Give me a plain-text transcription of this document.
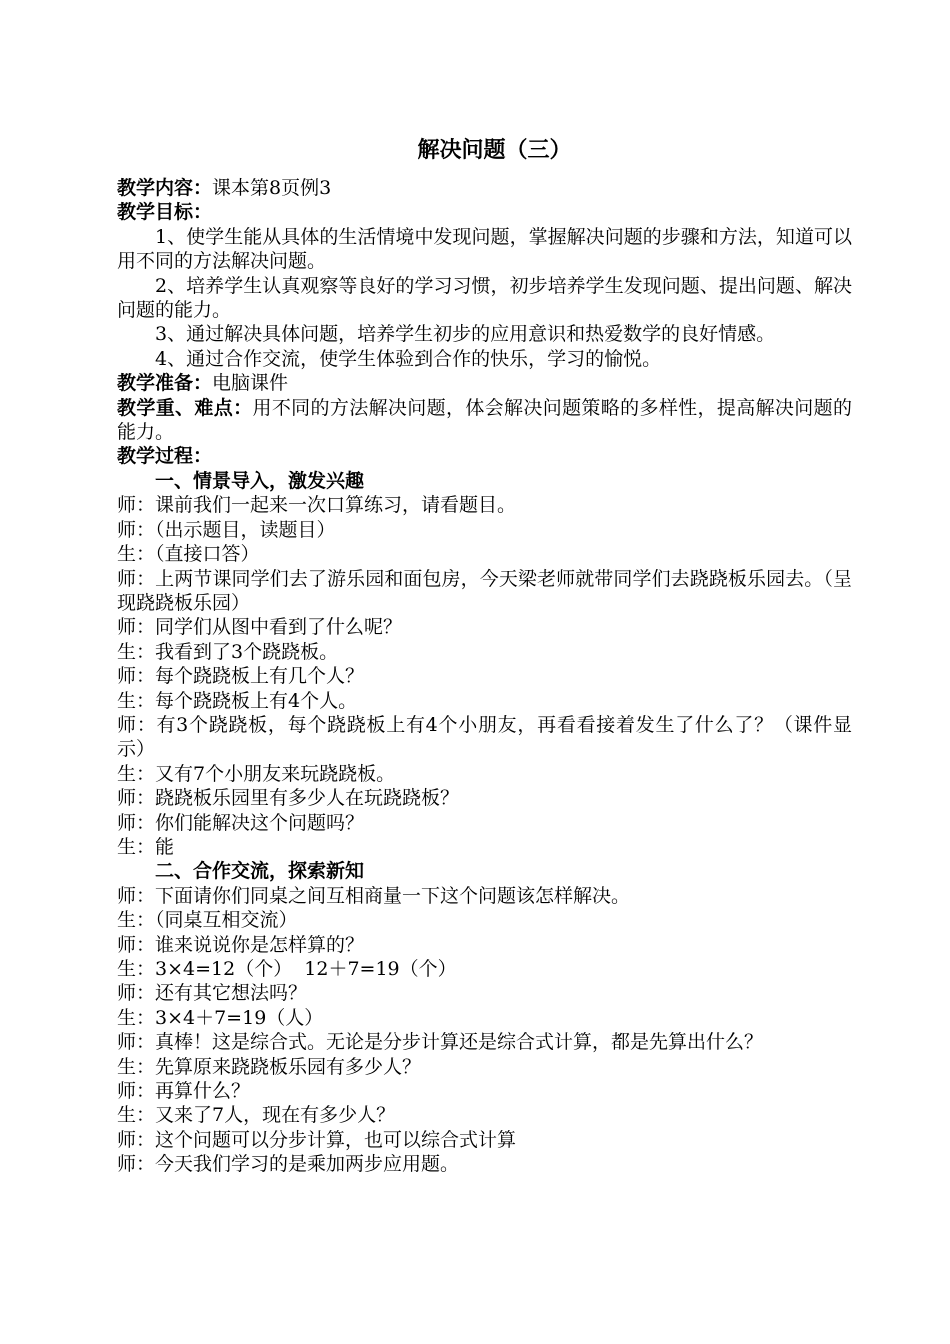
解决问题（三）

教学内容：课本第8页例3

教学目标：

1、使学生能从具体的生活情境中发现问题，掌握解决问题的步骤和方法，知道可以用不同的方法解决问题。

2、培养学生认真观察等良好的学习习惯，初步培养学生发现问题、提出问题、解决问题的能力。

3、通过解决具体问题，培养学生初步的应用意识和热爱数学的良好情感。

4、通过合作交流，使学生体验到合作的快乐，学习的愉悦。

教学准备：电脑课件

教学重、难点：用不同的方法解决问题，体会解决问题策略的多样性，提高解决问题的能力。

教学过程：

一、情景导入，激发兴趣

师：课前我们一起来一次口算练习，请看题目。

师：（出示题目，读题目）

生：（直接口答）

师：上两节课同学们去了游乐园和面包房，今天梁老师就带同学们去跷跷板乐园去。（呈现跷跷板乐园）

师：同学们从图中看到了什么呢？

生：我看到了3个跷跷板。

师：每个跷跷板上有几个人？

生：每个跷跷板上有4个人。

师：有3个跷跷板，每个跷跷板上有4个小朋友，再看看接着发生了什么了？（课件显示）

生：又有7个小朋友来玩跷跷板。

师：跷跷板乐园里有多少人在玩跷跷板？

师：你们能解决这个问题吗？

生：能

二、合作交流，探索新知

师：下面请你们同桌之间互相商量一下这个问题该怎样解决。

生：（同桌互相交流）

师：谁来说说你是怎样算的？

生：3×4=12（个）  12＋7=19（个）

师：还有其它想法吗？

生：3×4＋7=19（人）

师：真棒！这是综合式。无论是分步计算还是综合式计算，都是先算出什么？

生：先算原来跷跷板乐园有多少人？

师：再算什么？

生：又来了7人，现在有多少人？

师：这个问题可以分步计算，也可以综合式计算

师：今天我们学习的是乘加两步应用题。
